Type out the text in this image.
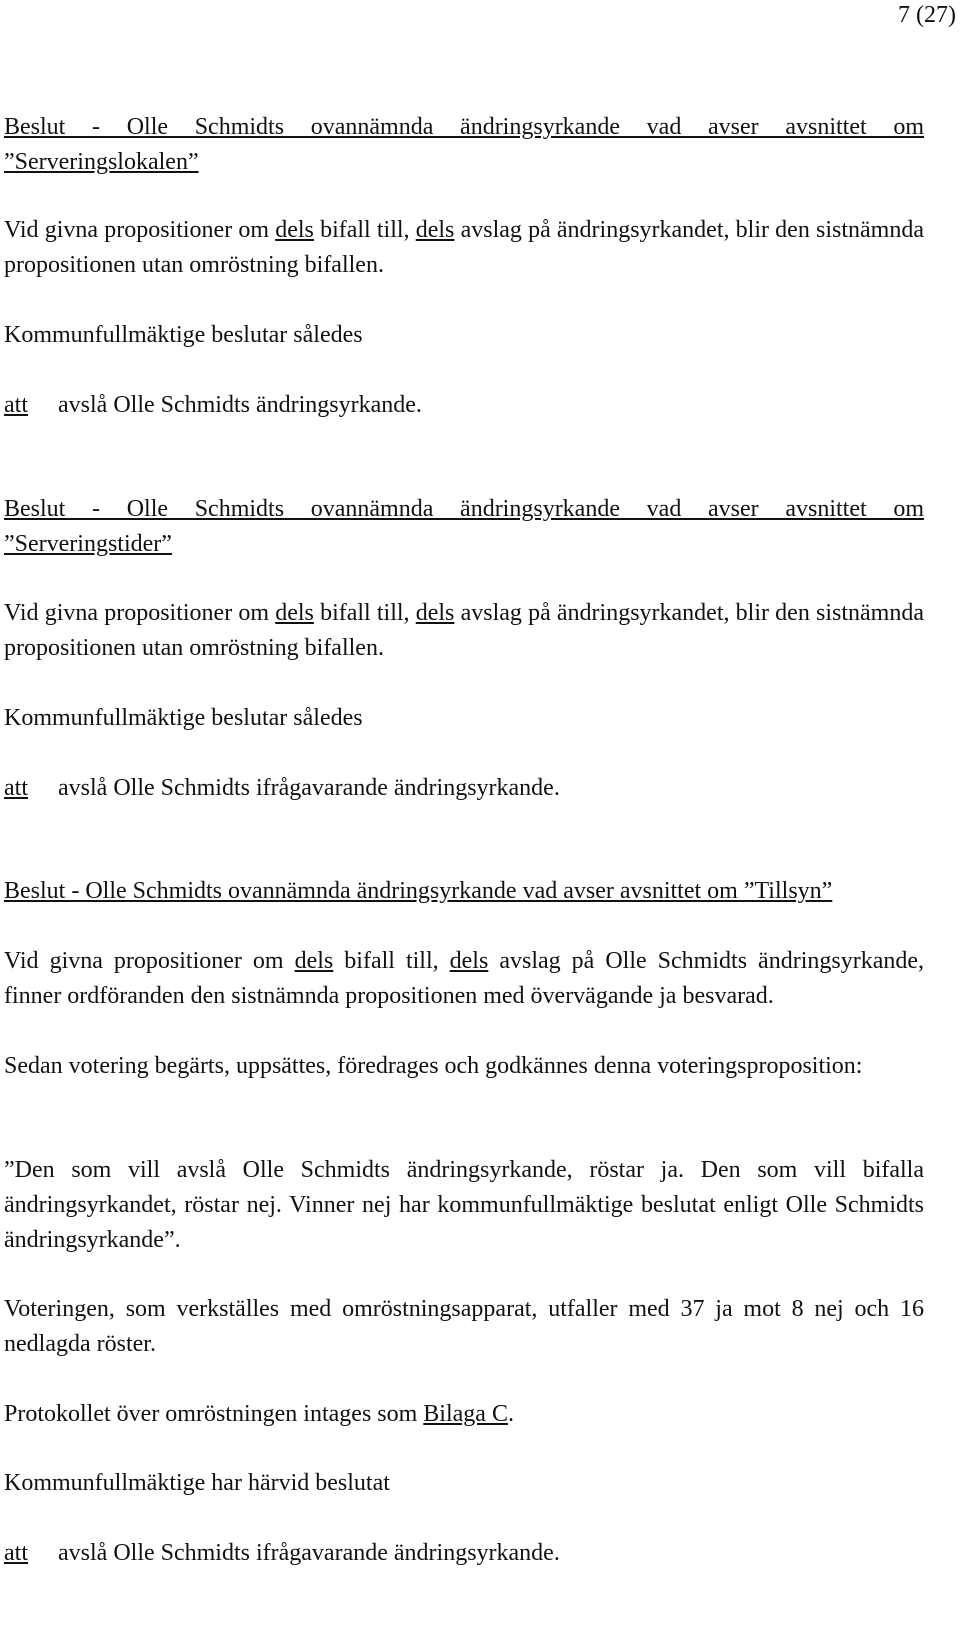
7 (27)
Beslut - Olle Schmidts ovannämnda ändringsyrkande vad avser avsnittet om
”Serveringslokalen”

Vid givna propositioner om dels bifall till, dels avslag på ändringsyrkandet, blir den sistnämnda propositionen utan omröstning bifallen.

Kommunfullmäktige beslutar således
att avslå Olle Schmidts ändringsyrkande.
Beslut - Olle Schmidts ovannämnda ändringsyrkande vad avser avsnittet om
”Serveringstider”

Vid givna propositioner om dels bifall till, dels avslag på ändringsyrkandet, blir den sistnämnda propositionen utan omröstning bifallen.

Kommunfullmäktige beslutar således
att avslå Olle Schmidts ifrågavarande ändringsyrkande.
Beslut - Olle Schmidts ovannämnda ändringsyrkande vad avser avsnittet om ”Tillsyn”

Vid givna propositioner om dels bifall till, dels avslag på Olle Schmidts ändringsyrkande, finner ordföranden den sistnämnda propositionen med övervägande ja besvarad.

Sedan votering begärts, uppsättes, föredrages och godkännes denna voteringsproposition:

”Den som vill avslå Olle Schmidts ändringsyrkande, röstar ja. Den som vill bifalla ändringsyrkandet, röstar nej. Vinner nej har kommunfullmäktige beslutat enligt Olle Schmidts ändringsyrkande”.

Voteringen, som verkställes med omröstningsapparat, utfaller med 37 ja mot 8 nej och 16 nedlagda röster.

Protokollet över omröstningen intages som Bilaga C.

Kommunfullmäktige har härvid beslutat
att avslå Olle Schmidts ifrågavarande ändringsyrkande.
